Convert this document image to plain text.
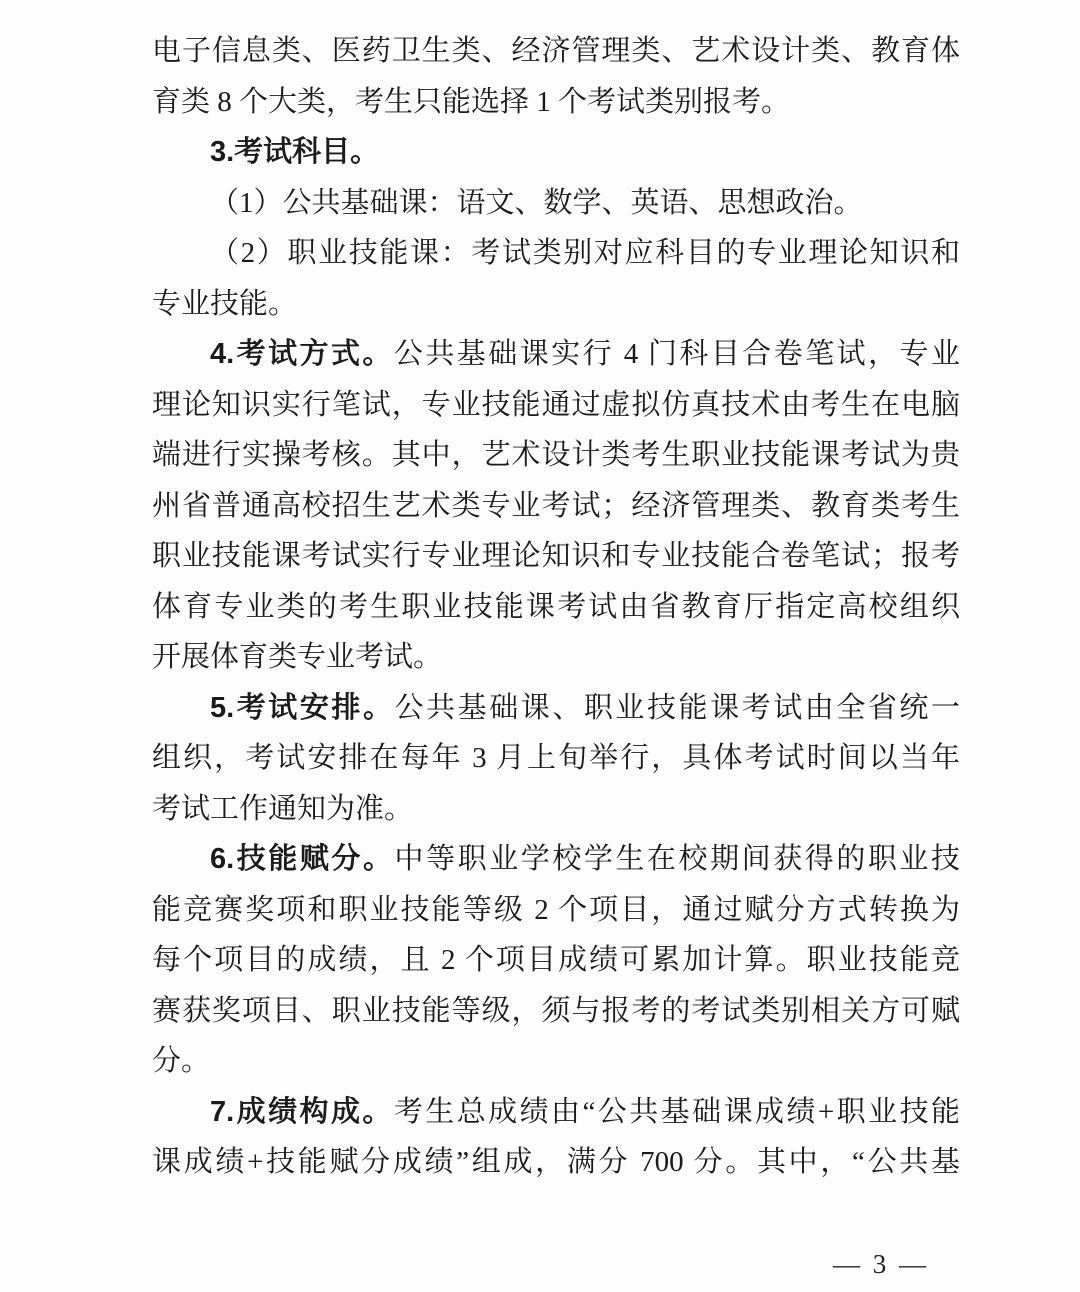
电子信息类、医药卫生类、经济管理类、艺术设计类、教育体
育类 8 个大类，考生只能选择 1 个考试类别报考。
3.考试科目。
（1）公共基础课：语文、数学、英语、思想政治。
（2）职业技能课：考试类别对应科目的专业理论知识和
专业技能。
4.考试方式。公共基础课实行 4 门科目合卷笔试，专业
理论知识实行笔试，专业技能通过虚拟仿真技术由考生在电脑
端进行实操考核。其中，艺术设计类考生职业技能课考试为贵
州省普通高校招生艺术类专业考试；经济管理类、教育类考生
职业技能课考试实行专业理论知识和专业技能合卷笔试；报考
体育专业类的考生职业技能课考试由省教育厅指定高校组织
开展体育类专业考试。
5.考试安排。公共基础课、职业技能课考试由全省统一
组织，考试安排在每年 3 月上旬举行，具体考试时间以当年
考试工作通知为准。
6.技能赋分。中等职业学校学生在校期间获得的职业技
能竞赛奖项和职业技能等级 2 个项目，通过赋分方式转换为
每个项目的成绩，且 2 个项目成绩可累加计算。职业技能竞
赛获奖项目、职业技能等级，须与报考的考试类别相关方可赋
分。
7.成绩构成。考生总成绩由“公共基础课成绩+职业技能
课成绩+技能赋分成绩”组成，满分 700 分。其中，“公共基
— 3 —
